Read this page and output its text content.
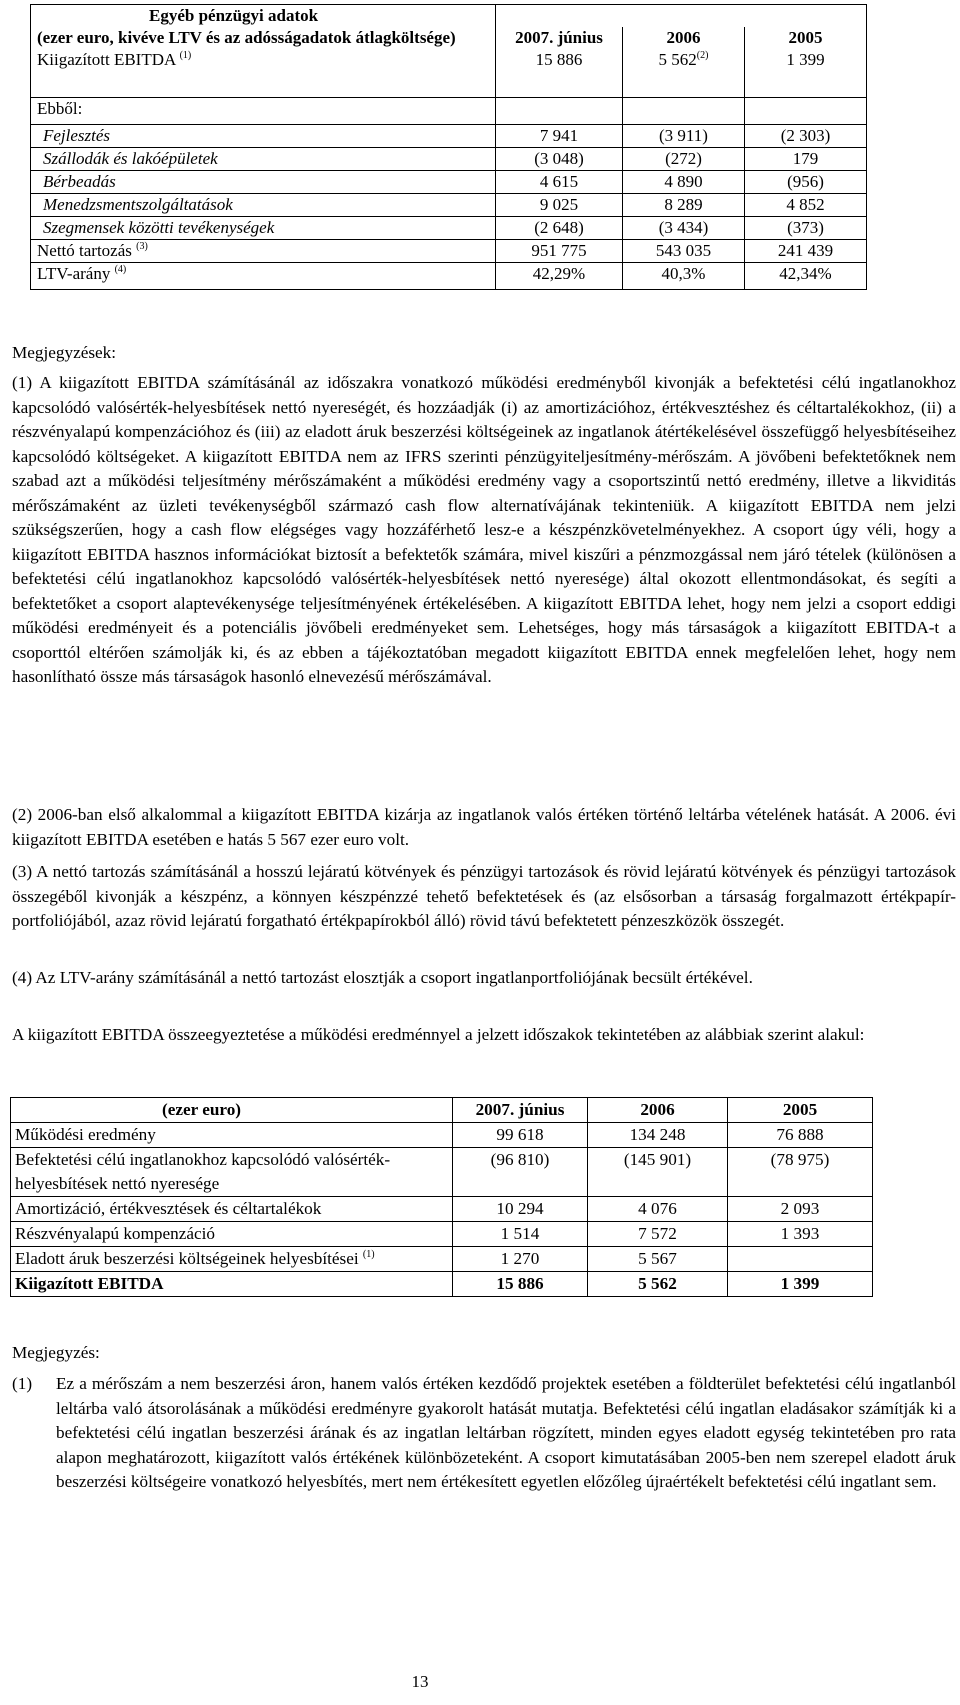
Egyéb pénzügyi adatok			
(ezer euro, kivéve LTV és az adósságadatok átlagköltsége)	2007. június	2006	2005
Kiigazított EBITDA $^{(1)}$	15 886	5 562$^{(2)}$	1 399
Ebből:			
Fejlesztés	7 941	(3 911)	(2 303)
Szállodák és lakóépületek	(3 048)	(272)	179
Bérbeadás	4 615	4 890	(956)
Menedzsmentszolgáltatások	9 025	8 289	4 852
Szegmensek közötti tevékenységek	(2 648)	(3 434)	(373)
Nettó tartozás $^{(3)}$	951 775	543 035	241 439
LTV-arány $^{(4)}$	42,29%	40,3%	42,34%
Megjegyzések:
(1) A kiigazított EBITDA számításánál az időszakra vonatkozó működési eredményből kivonják a befektetési célú ingatlanokhoz kapcsolódó valósérték-helyesbítések nettó nyereségét, és hozzáadják (i) az amortizációhoz, értékvesztéshez és céltartalékokhoz, (ii) a részvényalapú kompenzációhoz és (iii) az eladott áruk beszerzési költségeinek az ingatlanok átértékelésével összefüggő helyesbítéseihez kapcsolódó költségeket. A kiigazított EBITDA nem az IFRS szerinti pénzügyiteljesítmény-mérőszám. A jövőbeni befektetőknek nem szabad azt a működési teljesítmény mérőszámaként a működési eredmény vagy a csoportszintű nettó eredmény, illetve a likviditás mérőszámaként az üzleti tevékenységből származó cash flow alternatívájának tekinteniük. A kiigazított EBITDA nem jelzi szükségszerűen, hogy a cash flow elégséges vagy hozzáférhető lesz-e a készpénzkövetelményekhez. A csoport úgy véli, hogy a kiigazított EBITDA hasznos információkat biztosít a befektetők számára, mivel kiszűri a pénzmozgással nem járó tételek (különösen a befektetési célú ingatlanokhoz kapcsolódó valósérték-helyesbítések nettó nyeresége) által okozott ellentmondásokat, és segíti a befektetőket a csoport alaptevékenysége teljesítményének értékelésében. A kiigazított EBITDA lehet, hogy nem jelzi a csoport eddigi működési eredményeit és a potenciális jövőbeli eredményeket sem. Lehetséges, hogy más társaságok a kiigazított EBITDA-t a csoporttól eltérően számolják ki, és az ebben a tájékoztatóban megadott kiigazított EBITDA ennek megfelelően lehet, hogy nem hasonlítható össze más társaságok hasonló elnevezésű mérőszámával.
(2) 2006-ban első alkalommal a kiigazított EBITDA kizárja az ingatlanok valós értéken történő leltárba vételének hatását. A 2006. évi kiigazított EBITDA esetében e hatás 5 567 ezer euro volt.
(3) A nettó tartozás számításánál a hosszú lejáratú kötvények és pénzügyi tartozások és rövid lejáratú kötvények és pénzügyi tartozások összegéből kivonják a készpénz, a könnyen készpénzzé tehető befektetések és (az elsősorban a társaság forgalmazott értékpapír-portfoliójából, azaz rövid lejáratú forgatható értékpapírokból álló) rövid távú befektetett pénzeszközök összegét.
(4) Az LTV-arány számításánál a nettó tartozást elosztják a csoport ingatlanportfoliójának becsült értékével.
A kiigazított EBITDA összeegyeztetése a működési eredménnyel a jelzett időszakok tekintetében az alábbiak szerint alakul:
(ezer euro)	2007. június	2006	2005
Működési eredmény	99 618	134 248	76 888
Befektetési célú ingatlanokhoz kapcsolódó valósérték-helyesbítések nettó nyeresége	(96 810)	(145 901)	(78 975)
Amortizáció, értékvesztések és céltartalékok	10 294	4 076	2 093
Részvényalapú kompenzáció	1 514	7 572	1 393
Eladott áruk beszerzési költségeinek helyesbítései $^{(1)}$	1 270	5 567	
Kiigazított EBITDA	15 886	5 562	1 399
Megjegyzés:
(1) Ez a mérőszám a nem beszerzési áron, hanem valós értéken kezdődő projektek esetében a földterület befektetési célú ingatlanból leltárba való átsorolásának a működési eredményre gyakorolt hatását mutatja. Befektetési célú ingatlan eladásakor számítják ki a befektetési célú ingatlan beszerzési árának és az ingatlan leltárban rögzített, minden egyes eladott egység tekintetében pro rata alapon meghatározott, kiigazított valós értékének különbözeteként. A csoport kimutatásában 2005-ben nem szerepel eladott áruk beszerzési költségeire vonatkozó helyesbítés, mert nem értékesített egyetlen előzőleg újraértékelt befektetési célú ingatlant sem.
13
